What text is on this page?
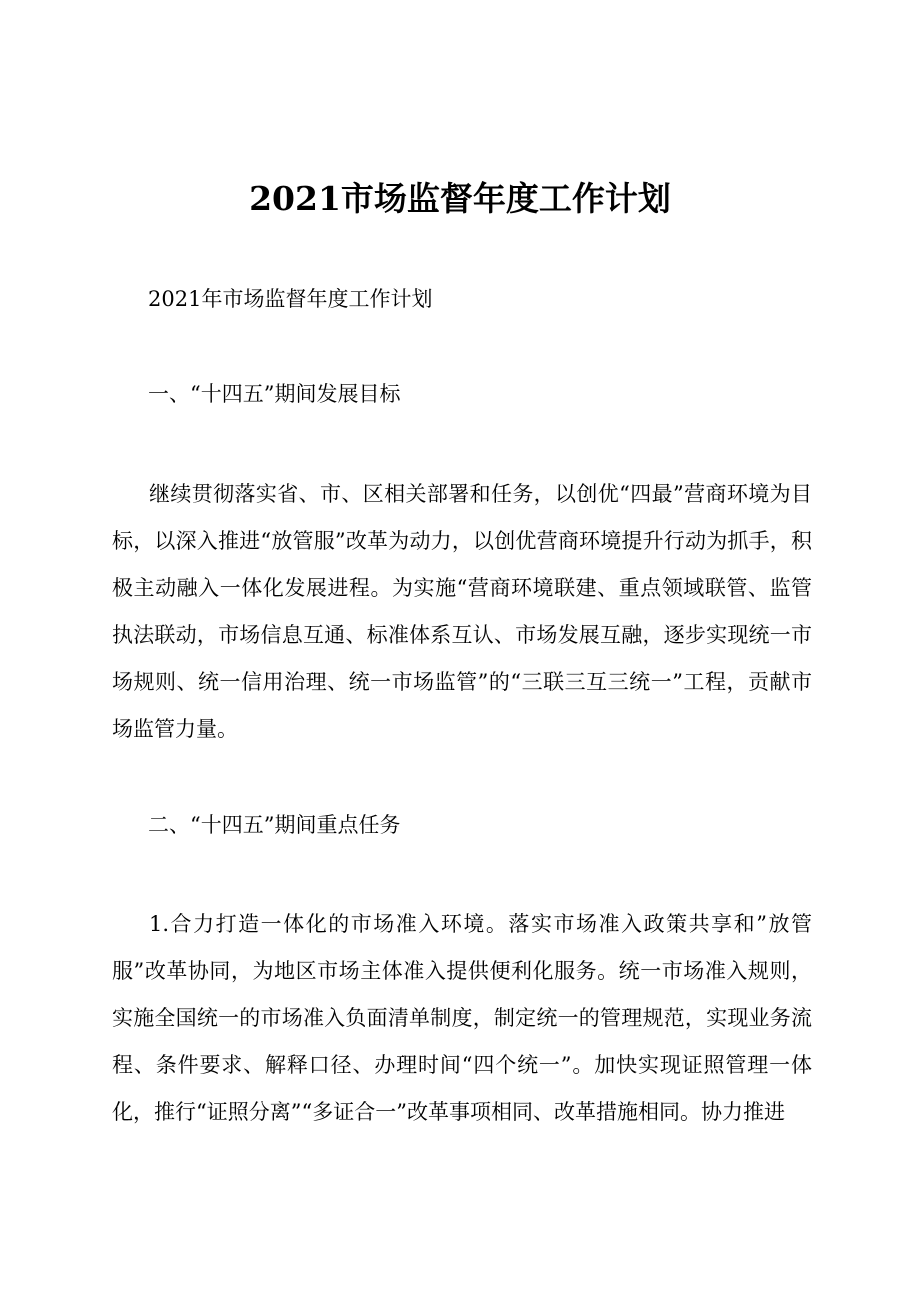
2021市场监督年度工作计划
2021年市场监督年度工作计划
一、“十四五”期间发展目标
继续贯彻落实省、市、区相关部署和任务，以创优“四最”营商环境为目标，以深入推进“放管服”改革为动力，以创优营商环境提升行动为抓手，积极主动融入一体化发展进程。为实施“营商环境联建、重点领域联管、监管执法联动，市场信息互通、标准体系互认、市场发展互融，逐步实现统一市场规则、统一信用治理、统一市场监管”的“三联三互三统一”工程，贡献市场监管力量。
二、“十四五”期间重点任务
1.合力打造一体化的市场准入环境。落实市场准入政策共享和”放管服”改革协同，为地区市场主体准入提供便利化服务。统一市场准入规则，实施全国统一的市场准入负面清单制度，制定统一的管理规范，实现业务流程、条件要求、解释口径、办理时间“四个统一”。加快实现证照管理一体化，推行“证照分离”“多证合一”改革事项相同、改革措施相同。协力推进
